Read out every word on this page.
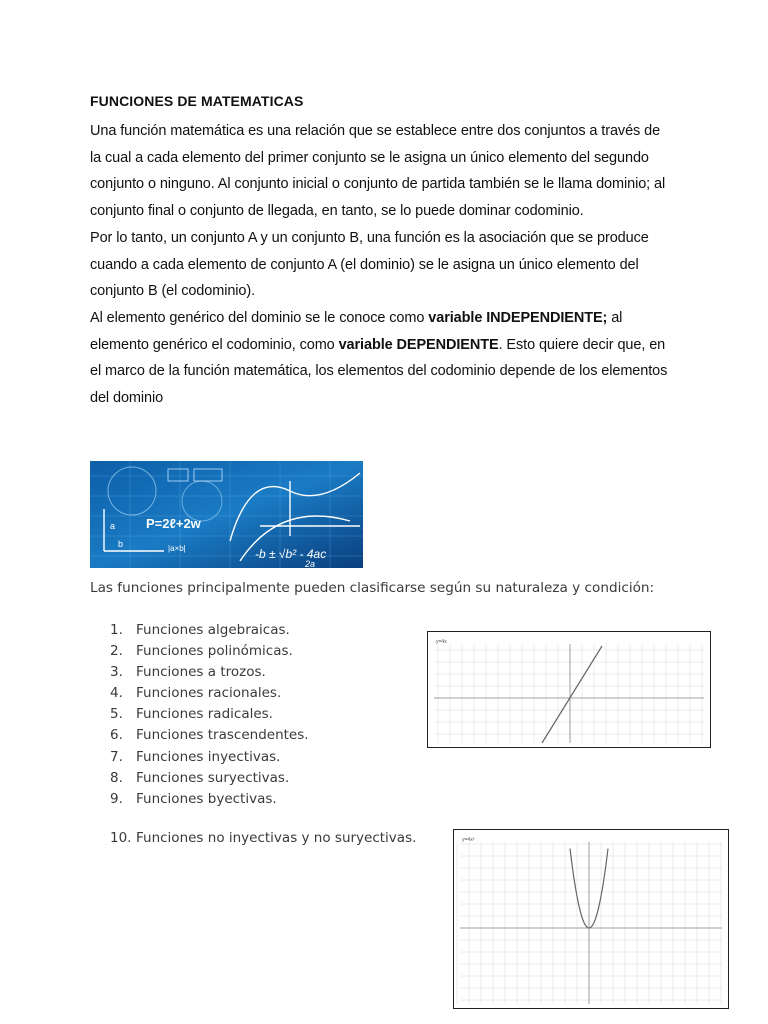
FUNCIONES DE MATEMATICAS

Una función matemática es una relación que se establece entre dos conjuntos a través de la cual a cada elemento del primer conjunto se le asigna un único elemento del segundo conjunto o ninguno. Al conjunto inicial o conjunto de partida también se le llama dominio; al conjunto final o conjunto de llegada, en tanto, se lo puede dominar codominio.

Por lo tanto, un conjunto A y un conjunto B, una función es la asociación que se produce cuando a cada elemento de conjunto A (el dominio) se le asigna un único elemento del conjunto B (el codominio).

Al elemento genérico del dominio se le conoce como variable INDEPENDIENTE; al elemento genérico el codominio, como variable DEPENDIENTE. Esto quiere decir que, en el marco de la función matemática, los elementos del codominio depende de los elementos del dominio

P=2ℓ+2w
-b ± √b² - 4ac
2a
|a×b|
a
b
Las funciones principalmente pueden clasificarse según su naturaleza y condición:
1. Funciones algebraicas.
2. Funciones polinómicas.
3. Funciones a trozos.
4. Funciones racionales.
5. Funciones radicales.
6. Funciones trascendentes.
7. Funciones inyectivas.
8. Funciones suryectivas.
9. Funciones byectivas.
10. Funciones no inyectivas y no suryectivas.
y=4x
y=4x²
